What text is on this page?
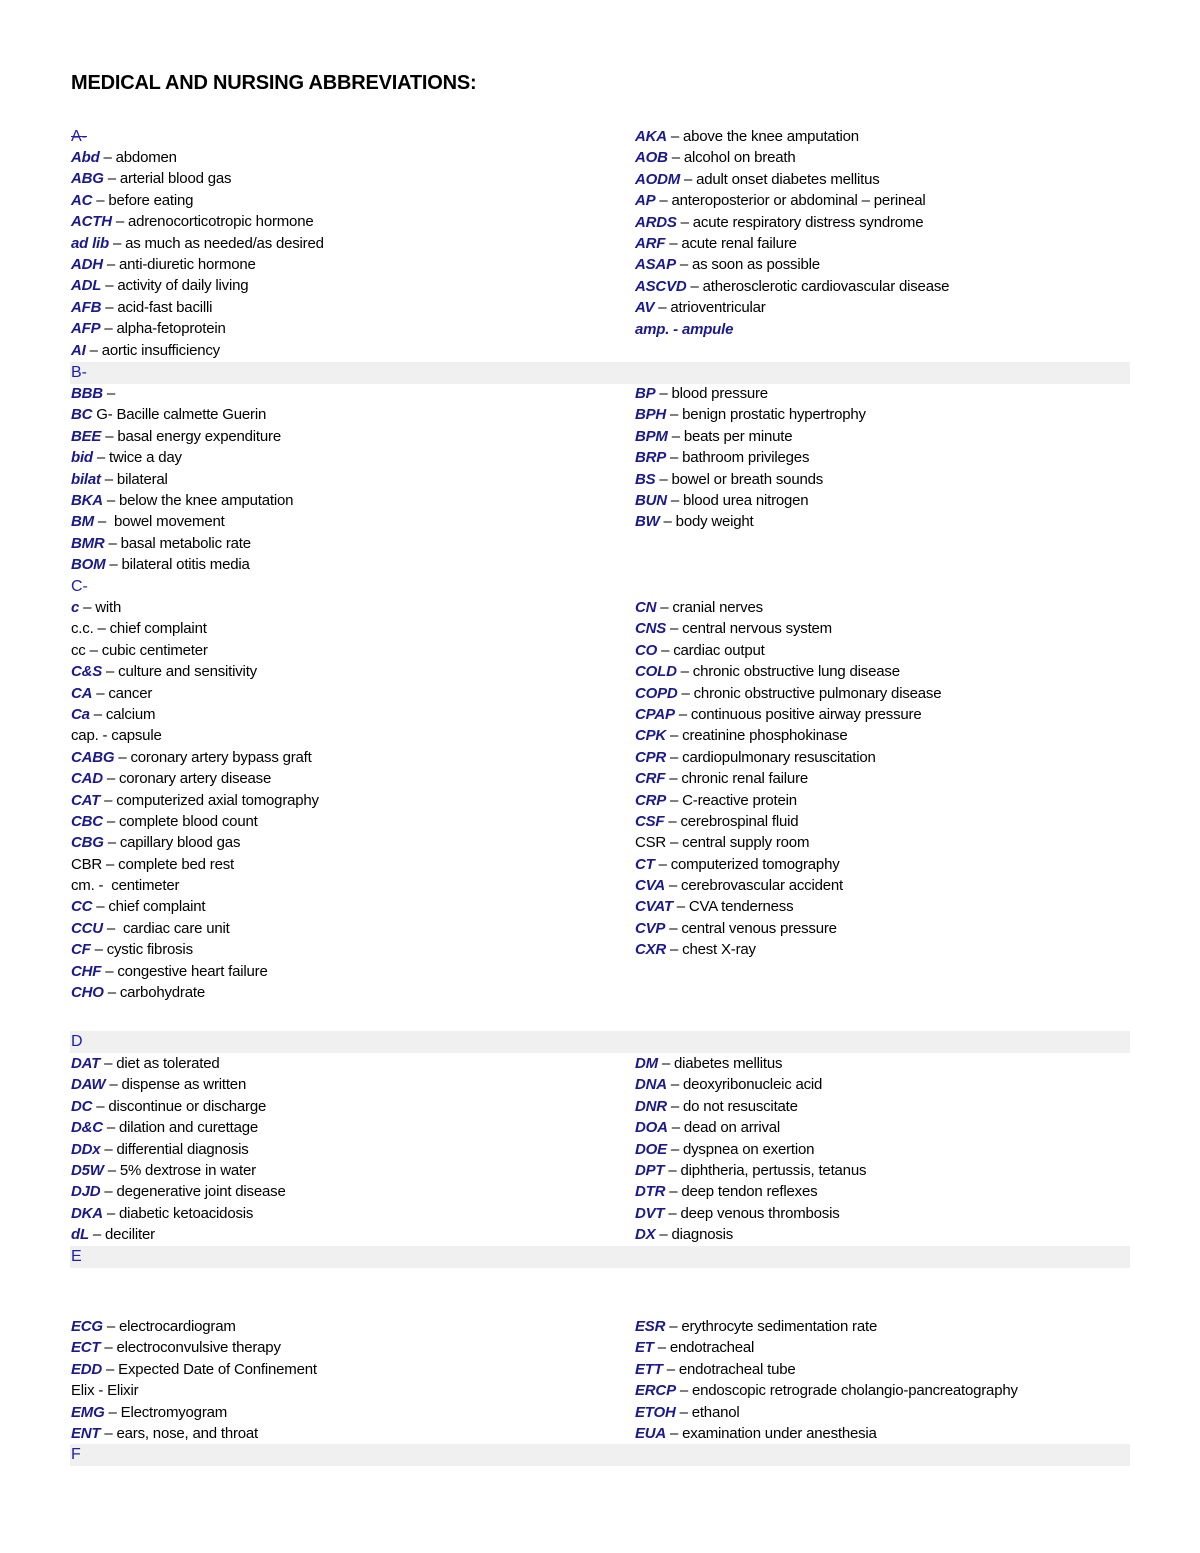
MEDICAL AND NURSING ABBREVIATIONS:
A-
B-
C-
D
E
F
Abd – abdomen
ABG – arterial blood gas
AC – before eating
ACTH – adrenocorticotropic hormone
ad lib – as much as needed/as desired
ADH – anti-diuretic hormone
ADL – activity of daily living
AFB – acid-fast bacilli
AFP – alpha-fetoprotein
AI – aortic insufficiency
AKA – above the knee amputation
AOB – alcohol on breath
AODM – adult onset diabetes mellitus
AP – anteroposterior or abdominal – perineal
ARDS – acute respiratory distress syndrome
ARF – acute renal failure
ASAP – as soon as possible
ASCVD – atherosclerotic cardiovascular disease
AV – atrioventricular
amp. - ampule
BBB –
BC G- Bacille calmette Guerin
BEE – basal energy expenditure
bid – twice a day
bilat – bilateral
BKA – below the knee amputation
BM –  bowel movement
BMR – basal metabolic rate
BOM – bilateral otitis media
BP – blood pressure
BPH – benign prostatic hypertrophy
BPM – beats per minute
BRP – bathroom privileges
BS – bowel or breath sounds
BUN – blood urea nitrogen
BW – body weight
c – with
c.c. – chief complaint
cc – cubic centimeter
C&S – culture and sensitivity
CA – cancer
Ca – calcium
cap. - capsule
CABG – coronary artery bypass graft
CAD – coronary artery disease
CAT – computerized axial tomography
CBC – complete blood count
CBG – capillary blood gas
CBR – complete bed rest
cm. -  centimeter
CC – chief complaint
CCU –  cardiac care unit
CF – cystic fibrosis
CHF – congestive heart failure
CHO – carbohydrate
CN – cranial nerves
CNS – central nervous system
CO – cardiac output
COLD – chronic obstructive lung disease
COPD – chronic obstructive pulmonary disease
CPAP – continuous positive airway pressure
CPK – creatinine phosphokinase
CPR – cardiopulmonary resuscitation
CRF – chronic renal failure
CRP – C-reactive protein
CSF – cerebrospinal fluid
CSR – central supply room
CT – computerized tomography
CVA – cerebrovascular accident
CVAT – CVA tenderness
CVP – central venous pressure
CXR – chest X-ray
DAT – diet as tolerated
DAW – dispense as written
DC – discontinue or discharge
D&C – dilation and curettage
DDx – differential diagnosis
D5W – 5% dextrose in water
DJD – degenerative joint disease
DKA – diabetic ketoacidosis
dL – deciliter
DM – diabetes mellitus
DNA – deoxyribonucleic acid
DNR – do not resuscitate
DOA – dead on arrival
DOE – dyspnea on exertion
DPT – diphtheria, pertussis, tetanus
DTR – deep tendon reflexes
DVT – deep venous thrombosis
DX – diagnosis
ECG – electrocardiogram
ECT – electroconvulsive therapy
EDD – Expected Date of Confinement
Elix - Elixir
EMG – Electromyogram
ENT – ears, nose, and throat
ESR – erythrocyte sedimentation rate
ET – endotracheal
ETT – endotracheal tube
ERCP – endoscopic retrograde cholangio-pancreatography
ETOH – ethanol
EUA – examination under anesthesia
